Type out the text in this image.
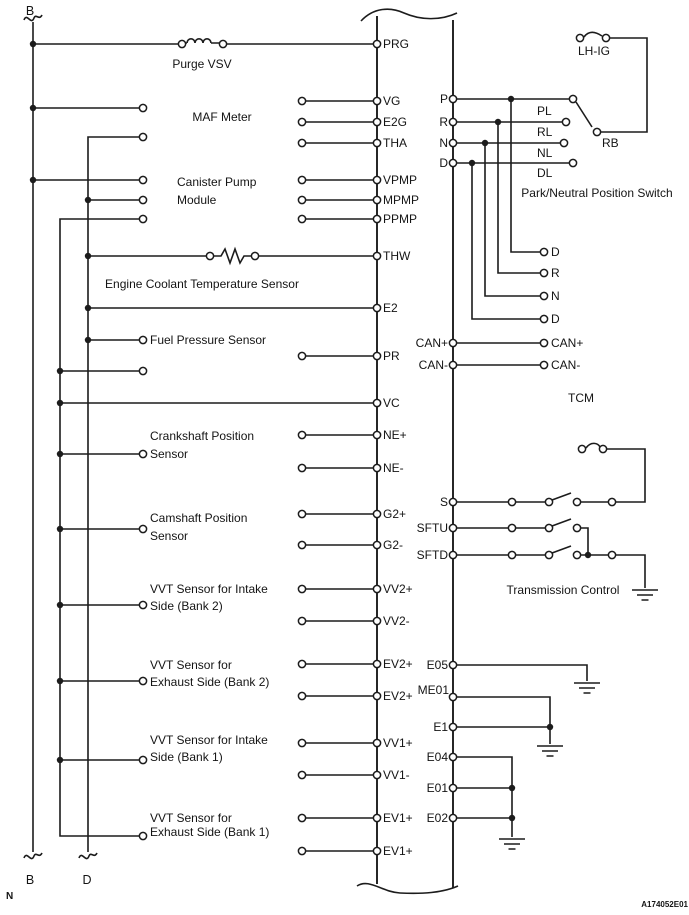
B
B	D
N
PRG
VG
E2G
THA
VPMP
MPMP
PPMP
THW
E2
PR
VC
NE+
NE-
G2+
G2-
VV2+
VV2-
EV2+
EV2+
VV1+
VV1-
EV1+
EV1+
P
R
N
D
CAN+
CAN-
S
SFTU
SFTD
E05
ME01
E1
E04
E01
E02
Purge VSV
MAF Meter
Canister Pump
Module
Engine Coolant Temperature Sensor
Fuel Pressure Sensor
Crankshaft Position
Sensor
Camshaft Position
Sensor
VVT Sensor for Intake
Side (Bank 2)
VVT Sensor for
Exhaust Side (Bank 2)
VVT Sensor for Intake
Side (Bank 1)
VVT Sensor for
Exhaust Side (Bank 1)
LH-IG
PL
RL
NL
DL
RB
Park/Neutral Position Switch
D
R
N
D
CAN+
CAN-
TCM
Transmission Control
A174052E01
